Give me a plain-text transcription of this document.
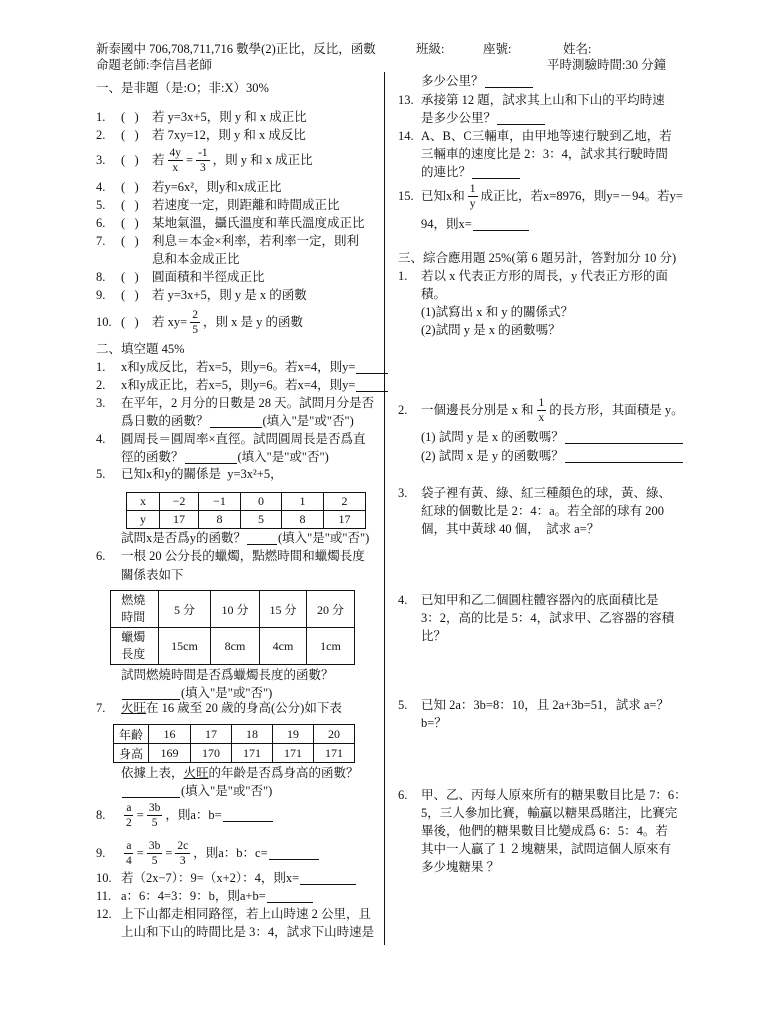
新泰國中 706,708,711,716 數學(2)正比，反比，函數	班級:	座號:	姓名:
命題老師:李信昌老師	平時測驗時間:30 分鐘
一、是非題（是:O；非:X）30%
1.	(   )	若 y=3x+5，則 y 和 x 成正比
2.	(   )	若 7xy=12，則 y 和 x 成反比
3.	(   )	若 $\frac{4y}{x} = \frac{-1}{3}$ ，則 y 和 x 成正比
4.	(   )	若y=6x²，則y和x成正比
5.	(   )	若速度一定，則距離和時間成正比
6.	(   )	某地氣溫，攝氏溫度和華氏溫度成正比
7.	(   )	利息＝本金×利率，若利率一定，則利
息和本金成正比
8.	(   )	圓面積和半徑成正比
9.	(   )	若 y=3x+5，則 y 是 x 的函數
10. (   )	若 $xy= \frac{2}{5}$ ，則 x 是 y 的函數
二、填空題 45%
1.	x和y成反比，若x=5，則y=6。若x=4，則y=
2.	x和y成正比，若x=5，則y=6。若x=4，則y=
3.	在平年，2 月分的日數是 28 天。試問月分是否
爲日數的函數？	(填入"是"或"否")
4.	圓周長＝圓周率×直徑。試問圓周長是否爲直
徑的函數？	(填入"是"或"否")
5.	已知x和y的關係是  y=3x²+5，
x	−2	−1	0	1	2
y	17	8	5	8	17
試問x是否爲y的函數？	(填入"是"或"否")
6.	一根 20 公分長的蠟燭，點燃時間和蠟燭長度
關係表如下
燃燒時間	5 分	10 分	15 分	20 分
蠟燭長度	15cm	8cm	4cm	1cm
試問燃燒時間是否爲蠟燭長度的函數？
(填入"是"或"否")
7.	火旺 在 16 歲至 20 歲的身高(公分)如下表
年齡	16	17	18	19	20
身高	169	170	171	171	171
依據上表， 火旺 的年齡是否爲身高的函數？
(填入"是"或"否")
8.	$\frac{a}{2} = \frac{3b}{5}$ ，則a：b=
9.	$\frac{a}{4} = \frac{3b}{5} = \frac{2c}{3}$ ，則a：b：c=
10. 若（2x−7）：9=（x+2）：4，則x=
11. a：6：4=3：9：b，則a+b=
12. 上下山都走相同路徑，若上山時速 2 公里，且
上山和下山的時間比是 3：4，試求下山時速是
多少公里？
13. 承接第 12 題，試求其上山和下山的平均時速
是多少公里？
14. A、B、C三輛車，由甲地等速行駛到乙地，若
三輛車的速度比是 2：3：4，試求其行駛時間
的連比？
15. 已知x和 $\frac{1}{y}$ 成正比，若x=8976，則y=－94。若y=
94，則x=
三、綜合應用題 25%(第 6 題另計，答對加分 10 分)
1.	若以 x 代表正方形的周長，y 代表正方形的面
積。
(1)試寫出 x 和 y 的關係式？
(2)試問 y 是 x 的函數嗎？
2.	一個邊長分別是 x 和 $\frac{1}{x}$ 的長方形，其面積是 y。
(1) 試問 y 是 x 的函數嗎？
(2) 試問 x 是 y 的函數嗎？
3.	袋子裡有黃、綠、紅三種顏色的球，黃、綠、
紅球的個數比是 2：4：a。若全部的球有 200
個，其中黃球 40 個，  試求 a=？
4.	已知甲和乙二個圓柱體容器內的底面積比是
3：2，高的比是 5：4，試求甲、乙容器的容積
比？
5.	已知 2a：3b=8：10，且 2a+3b=51，試求 a=？
b=？
6.	甲、乙、丙每人原來所有的糖果數目比是 7：6：
5，三人參加比賽，輸贏以糖果爲賭注，比賽完
畢後，他們的糖果數目比變成爲 6：5：4。若
其中一人贏了１２塊糖果，試問這個人原來有
多少塊糖果 ？
